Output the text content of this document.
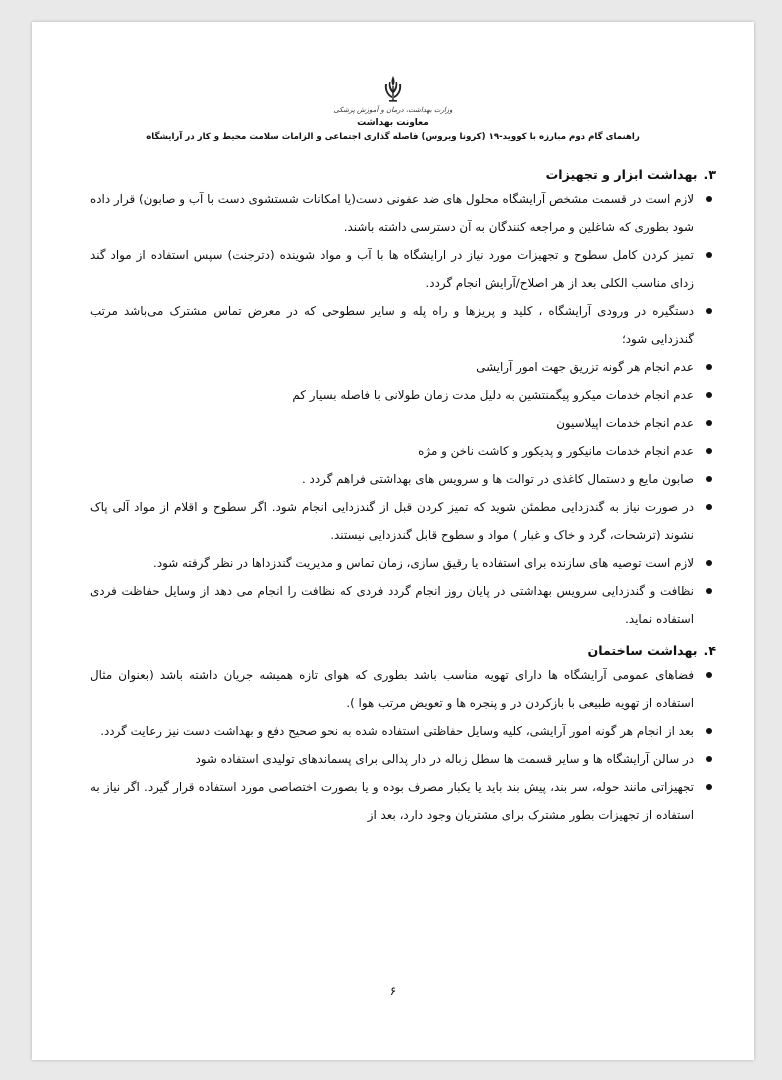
وزارت بهداشت، درمان و آموزش پزشکی
معاونت بهداشت
راهنمای گام دوم مبارزه با کووید-۱۹ (کرونا ویروس) فاصله گذاری اجتماعی و الزامات سلامت محیط و کار در آرایشگاه
۳.بهداشت ابزار و تجهیزات
لازم است در قسمت مشخص آرایشگاه محلول های ضد عفونی دست(یا امکانات شستشوی دست با آب و صابون) قرار داده شود بطوری که شاغلین و مراجعه کنندگان به آن دسترسی داشته باشند.
تمیز کردن کامل سطوح و تجهیزات مورد نیاز در ارایشگاه ها با آب و مواد شوینده (دترجنت) سپس استفاده از مواد گند زدای مناسب الکلی بعد از هر اصلاح/آرایش انجام گردد.
دستگیره در ورودی آرایشگاه ، کلید و پریزها و راه پله و سایر سطوحی که در معرض تماس مشترک می‌باشد مرتب گندزدایی شود؛
عدم انجام هر گونه تزریق جهت امور آرایشی
عدم انجام خدمات میکرو پیگمنتشین به دلیل مدت زمان طولانی با فاصله بسیار کم
عدم انجام خدمات اپیلاسیون
عدم انجام خدمات مانیکور و پدیکور و کاشت ناخن و مژه
صابون مایع و دستمال کاغذی در توالت ها و سرویس های بهداشتی فراهم گردد .
در صورت نیاز به گندزدایی مطمئن شوید که تمیز کردن قبل از گندزدایی انجام شود. اگر سطوح و اقلام از مواد آلی پاک نشوند (ترشحات، گرد و خاک و غبار ) مواد و سطوح قابل گندزدایی نیستند.
لازم است توصیه های سازنده برای استفاده یا رقیق سازی، زمان تماس و مدیریت گندزداها در نظر گرفته شود.
نظافت و گندزدایی سرویس بهداشتی در پایان روز انجام گردد فردی که نظافت را انجام می دهد از وسایل حفاظت فردی استفاده نماید.
۴.بهداشت ساختمان
فضاهای عمومی آرایشگاه ها دارای تهویه مناسب باشد بطوری که هوای تازه همیشه جریان داشته باشد (بعنوان مثال استفاده از تهویه طبیعی با بازکردن در و پنجره ها و تعویض مرتب هوا ).
بعد از انجام هر گونه امور آرایشی، کلیه وسایل حفاظتی استفاده شده به نحو صحیح دفع و بهداشت دست نیز رعایت گردد.
در سالن آرایشگاه ها و سایر قسمت ها سطل زباله در دار پدالی برای پسماندهای تولیدی استفاده شود
تجهیزاتی مانند حوله، سر بند، پیش بند باید یا یکبار مصرف بوده و یا بصورت اختصاصی مورد استفاده قرار گیرد. اگر نیاز به استفاده از تجهیزات بطور مشترک برای مشتریان وجود دارد، بعد از
۶
